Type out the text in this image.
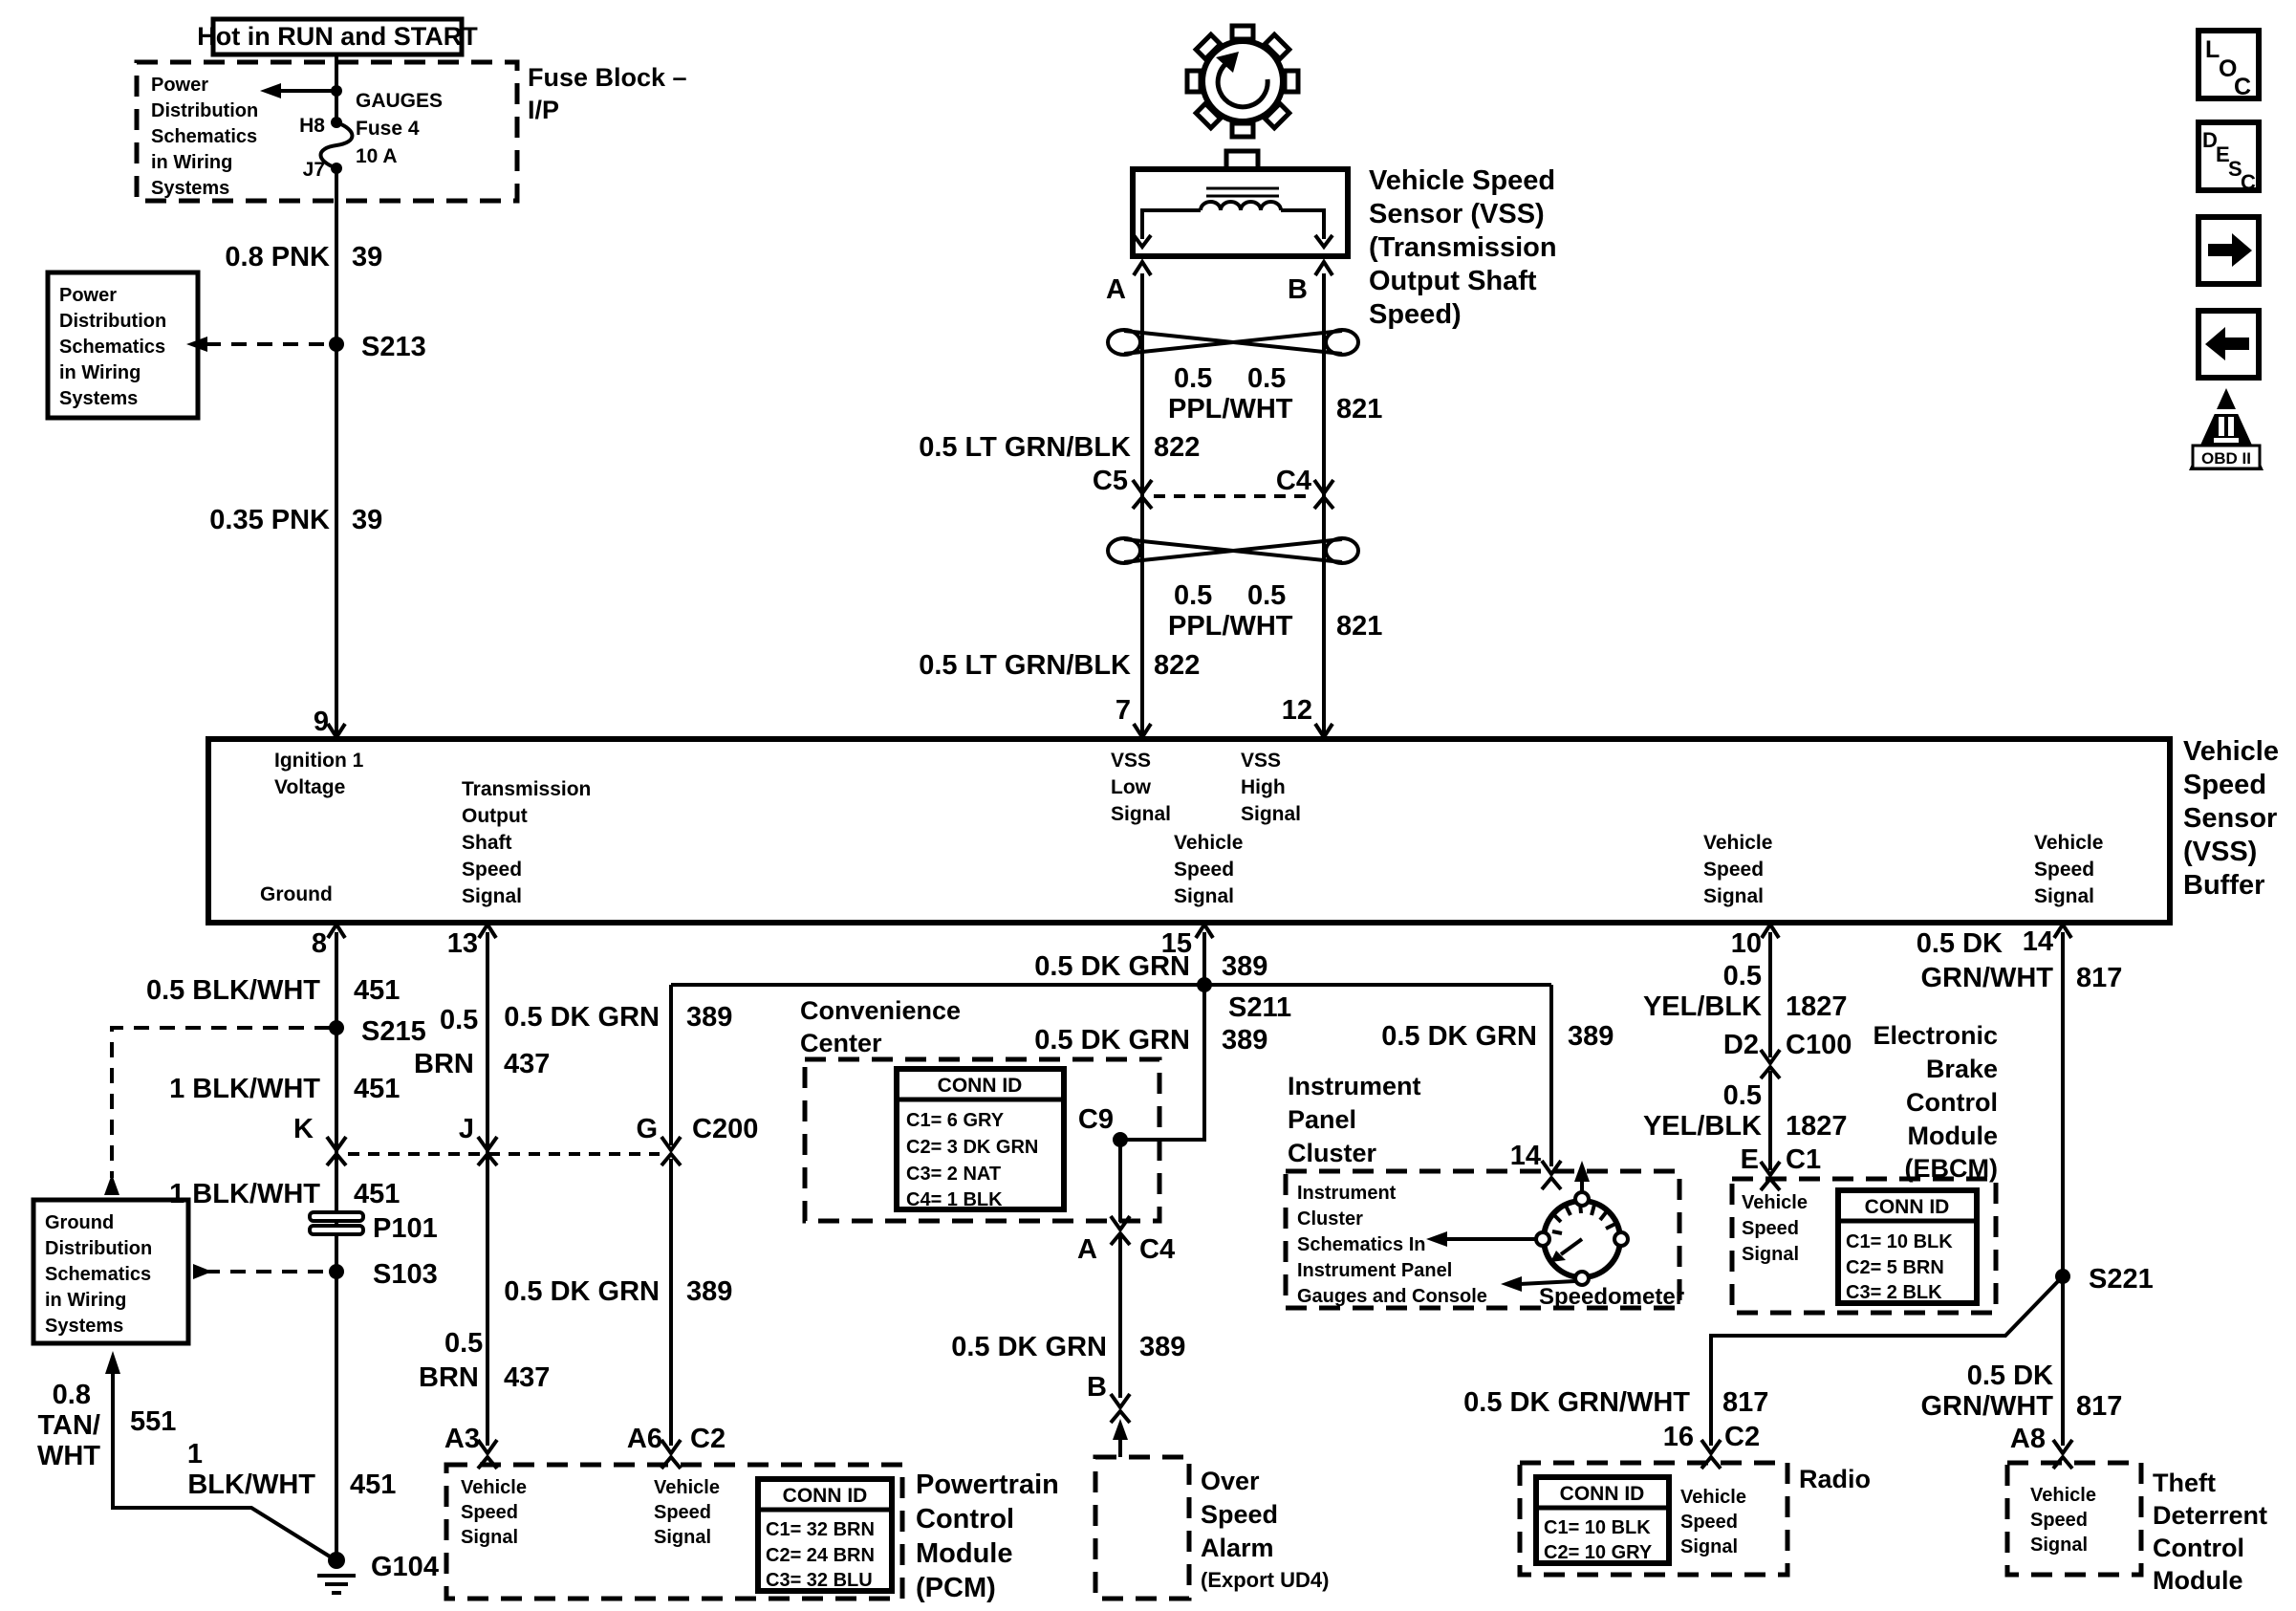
Hot in RUN and START
Power
Distribution
Schematics
in Wiring
Systems
H8
J7
GAUGES
Fuse 4
10 A
Fuse Block –
I/P
0.8 PNK 39
Power
Distribution
Schematics
in Wiring
Systems
S213
0.35 PNK 39
9
Vehicle Speed
Sensor (VSS)
(Transmission
Output Shaft
Speed)
A	B
0.5 0.5
PPL/WHT 821
0.5 LT GRN/BLK 822
C5	C4
0.5 0.5
PPL/WHT 821
0.5 LT GRN/BLK 822
7	12
Vehicle
Speed
Sensor
(VSS)
Buffer
Ignition 1
Voltage
Ground
Transmission
Output
Shaft
Speed
Signal
VSS
Low
Signal
VSS
High
Signal
Vehicle
Speed
Signal
Vehicle
Speed
Signal
Vehicle
Speed
Signal
8	13	15	10	14
0.5 BLK/WHT 451
S215
1 BLK/WHT 451
K	J	G C200
1 BLK/WHT 451
P101
S103
Ground
Distribution
Schematics
in Wiring
Systems
0.8
TAN/
WHT
551
1
BLK/WHT 451
G104
0.5
BRN 437
0.5
BRN 437
A3
0.5 DK GRN 389
0.5 DK GRN 389
A6 C2
0.5 DK GRN 389
S211
0.5 DK GRN 389	0.5 DK GRN 389
C9
A C4
0.5 DK GRN 389
B
Convenience
Center
CONN ID
C1= 6 GRY
C2= 3 DK GRN
C3= 2 NAT
C4= 1 BLK
14
Instrument
Panel
Cluster
Instrument
Cluster
Schematics In
Instrument Panel
Gauges and Console Speedometer
0.5
YEL/BLK 1827
D2 C100
0.5
YEL/BLK 1827
E C1
Electronic
Brake
Control
Module
(EBCM)
Vehicle
Speed
Signal
CONN ID
C1= 10 BLK
C2= 5 BRN
C3= 2 BLK
0.5 DK
GRN/WHT 817
S221
0.5 DK GRN/WHT 817
16 C2
0.5 DK
GRN/WHT 817
A8
CONN ID
C1= 10 BLK
C2= 10 GRY
Vehicle
Speed
Signal
Radio
Vehicle
Speed
Signal
Theft
Deterrent
Control
Module
Vehicle
Speed
Signal
Vehicle
Speed
Signal
CONN ID
C1= 32 BRN
C2= 24 BRN
C3= 32 BLU
Powertrain
Control
Module
(PCM)
Over
Speed
Alarm
(Export UD4)
L
O
C
D
E
S
C
OBD II
